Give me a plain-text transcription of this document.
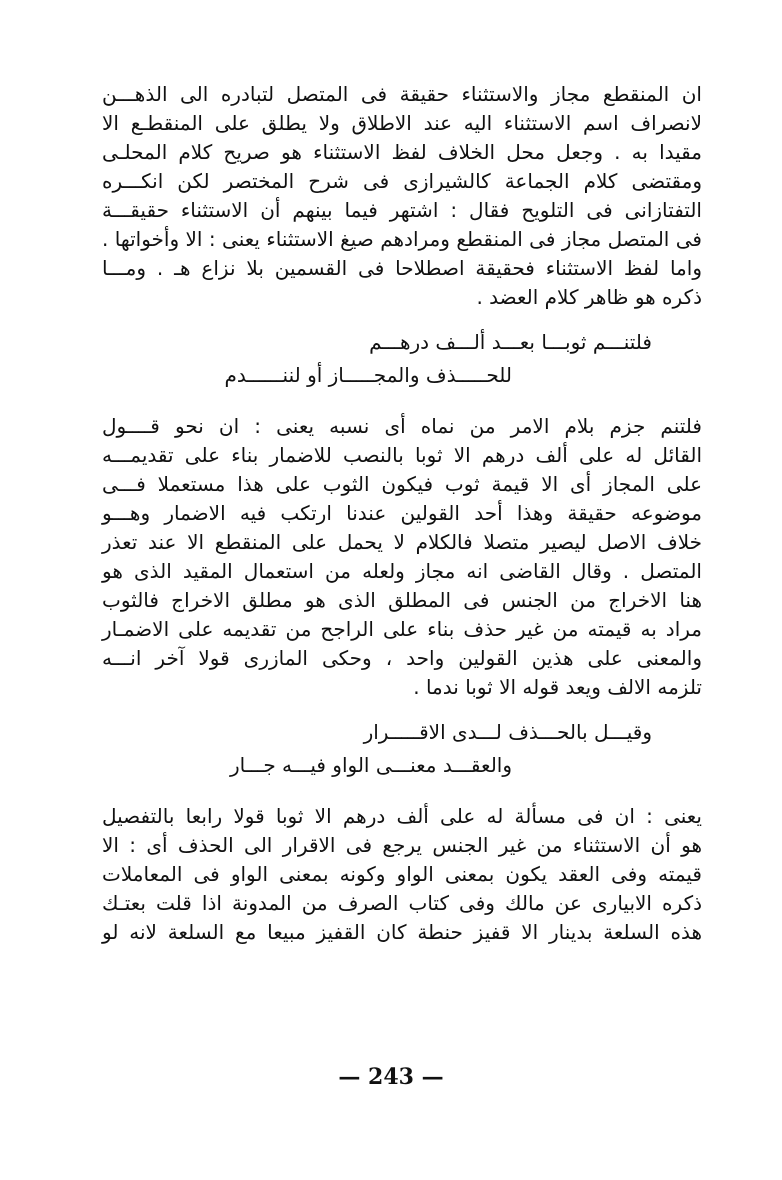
ان المنقطع مجاز والاستثناء حقيقة فى المتصل لتبادره الى الذهـــن

لانصراف اسم الاستثناء اليه عند الاطلاق ولا يطلق على المنقطـع الا

مقيدا به . وجعل محل الخلاف لفظ الاستثناء هو صريح كلام المحلـى

ومقتضى كلام الجماعة كالشيرازى فى شرح المختصر لكن انكـــره

التفتازانى فى التلويح فقال : اشتهر فيما بينهم أن الاستثناء حقيقـــة

فى المتصل مجاز فى المنقطع ومرادهم صيغ الاستثناء يعنى : الا وأخواتها .

واما لفظ الاستثناء فحقيقة اصطلاحا فى القسمين بلا نزاع هـ . ومـــا

ذكره هو ظاهر كلام العضد .

فلتنـــم ثوبـــا بعـــد ألـــف درهـــم

للحـــــذف والمجـــــاز أو لننــــــدم

فلتنم جزم بلام الامر من نماه أى نسبه يعنى : ان نحو قــــول

القائل له على ألف درهم الا ثوبا بالنصب للاضمار بناء على تقديمـــه

على المجاز أى الا قيمة ثوب فيكون الثوب على هذا مستعملا فـــى

موضوعه حقيقة وهذا أحد القولين عندنا ارتكب فيه الاضمار وهـــو

خلاف الاصل ليصير متصلا فالكلام لا يحمل على المنقطع الا عند تعذر

المتصل . وقال القاضى انه مجاز ولعله من استعمال المقيد الذى هو

هنا الاخراج من الجنس فى المطلق الذى هو مطلق الاخراج فالثوب

مراد به قيمته من غير حذف بناء على الراجح من تقديمه على الاضمـار

والمعنى على هذين القولين واحد ، وحكى المازرى قولا آخر انـــه

تلزمه الالف ويعد قوله الا ثوبا ندما .

وقيـــل بالحـــذف لـــدى الاقـــــرار

والعقـــد معنـــى الواو فيـــه جـــار

يعنى : ان فى مسألة له على ألف درهم الا ثوبا قولا رابعا بالتفصيل

هو أن الاستثناء من غير الجنس يرجع فى الاقرار الى الحذف أى : الا

قيمته وفى العقد يكون بمعنى الواو وكونه بمعنى الواو فى المعاملات

ذكره الابيارى عن مالك وفى كتاب الصرف من المدونة اذا قلت بعتـك

هذه السلعة بدينار الا قفيز حنطة كان القفيز مبيعا مع السلعة لانه لو

— 243 —
